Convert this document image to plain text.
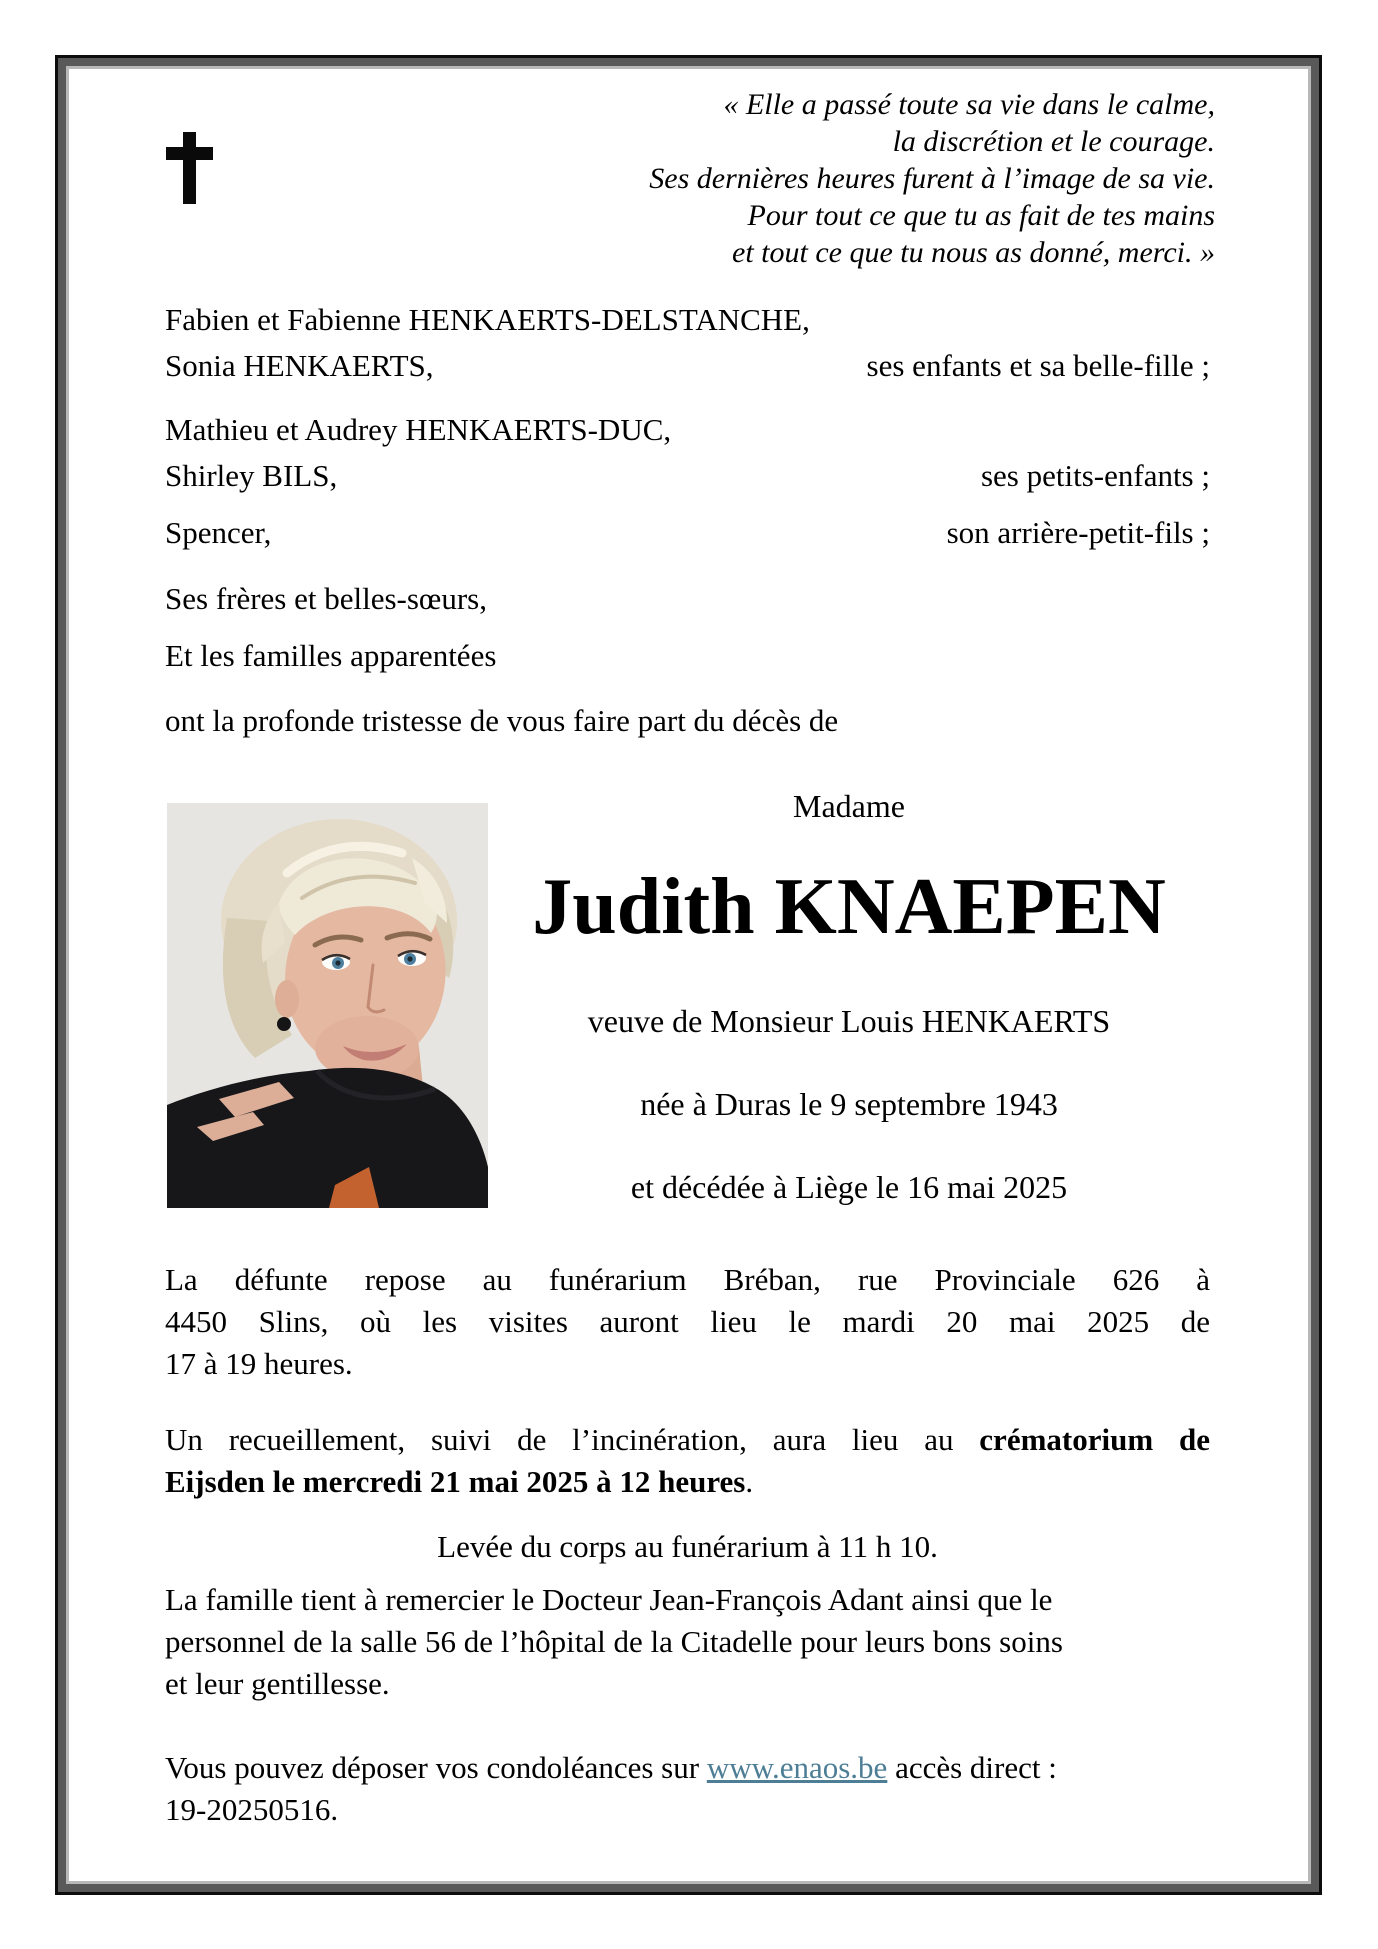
« Elle a passé toute sa vie dans le calme,
la discrétion et le courage.
Ses dernières heures furent à l’image de sa vie.
Pour tout ce que tu as fait de tes mains
et tout ce que tu nous as donné, merci. »
Fabien et Fabienne HENKAERTS-DELSTANCHE,
Sonia HENKAERTS,	ses enfants et sa belle-fille ;
Mathieu et Audrey HENKAERTS-DUC,
Shirley BILS,	ses petits-enfants ;
Spencer,	son arrière-petit-fils ;
Ses frères et belles-sœurs,
Et les familles apparentées
ont la profonde tristesse de vous faire part du décès de
Madame
Judith KNAEPEN
veuve de Monsieur Louis HENKAERTS
née à Duras le 9 septembre 1943
et décédée à Liège le 16 mai 2025
La défunte repose au funérarium Bréban, rue Provinciale 626 à
4450 Slins, où les visites auront lieu le mardi 20 mai 2025 de
17 à 19 heures.
Un recueillement, suivi de l’incinération, aura lieu au crématorium de
Eijsden le mercredi 21 mai 2025 à 12 heures.
Levée du corps au funérarium à 11 h 10.
La famille tient à remercier le Docteur Jean-François Adant ainsi que le
personnel de la salle 56 de l’hôpital de la Citadelle pour leurs bons soins
et leur gentillesse.
Vous pouvez déposer vos condoléances sur www.enaos.be accès direct :
19-20250516.
